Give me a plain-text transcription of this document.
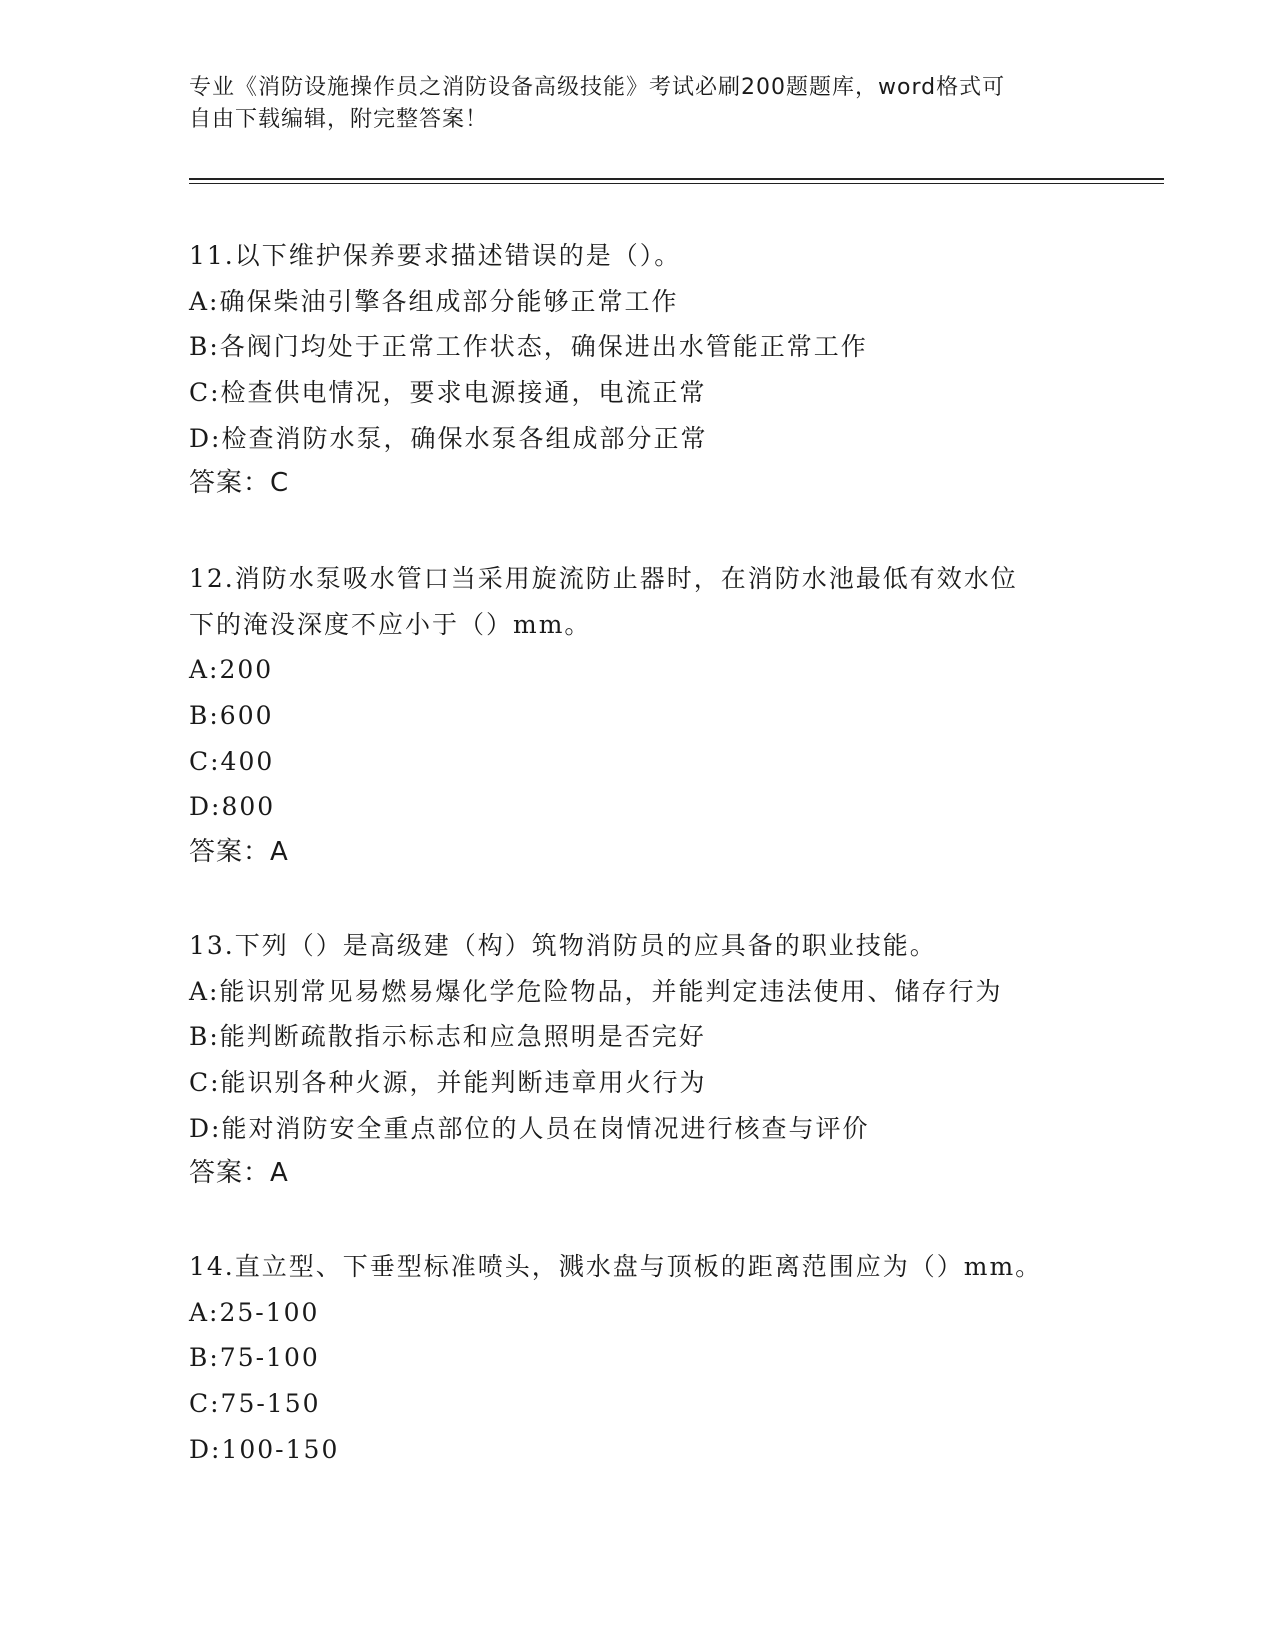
专业《消防设施操作员之消防设备高级技能》考试必刷200题题库，word格式可
自由下载编辑，附完整答案！
11.以下维护保养要求描述错误的是（）。
A:确保柴油引擎各组成部分能够正常工作
B:各阀门均处于正常工作状态，确保进出水管能正常工作
C:检查供电情况，要求电源接通，电流正常
D:检查消防水泵，确保水泵各组成部分正常
答案：C
12.消防水泵吸水管口当采用旋流防止器时，在消防水池最低有效水位
下的淹没深度不应小于（）mm。
A:200
B:600
C:400
D:800
答案：A
13.下列（）是高级建（构）筑物消防员的应具备的职业技能。
A:能识别常见易燃易爆化学危险物品，并能判定违法使用、储存行为
B:能判断疏散指示标志和应急照明是否完好
C:能识别各种火源，并能判断违章用火行为
D:能对消防安全重点部位的人员在岗情况进行核查与评价
答案：A
14.直立型、下垂型标准喷头，溅水盘与顶板的距离范围应为（）mm。
A:25-100
B:75-100
C:75-150
D:100-150
